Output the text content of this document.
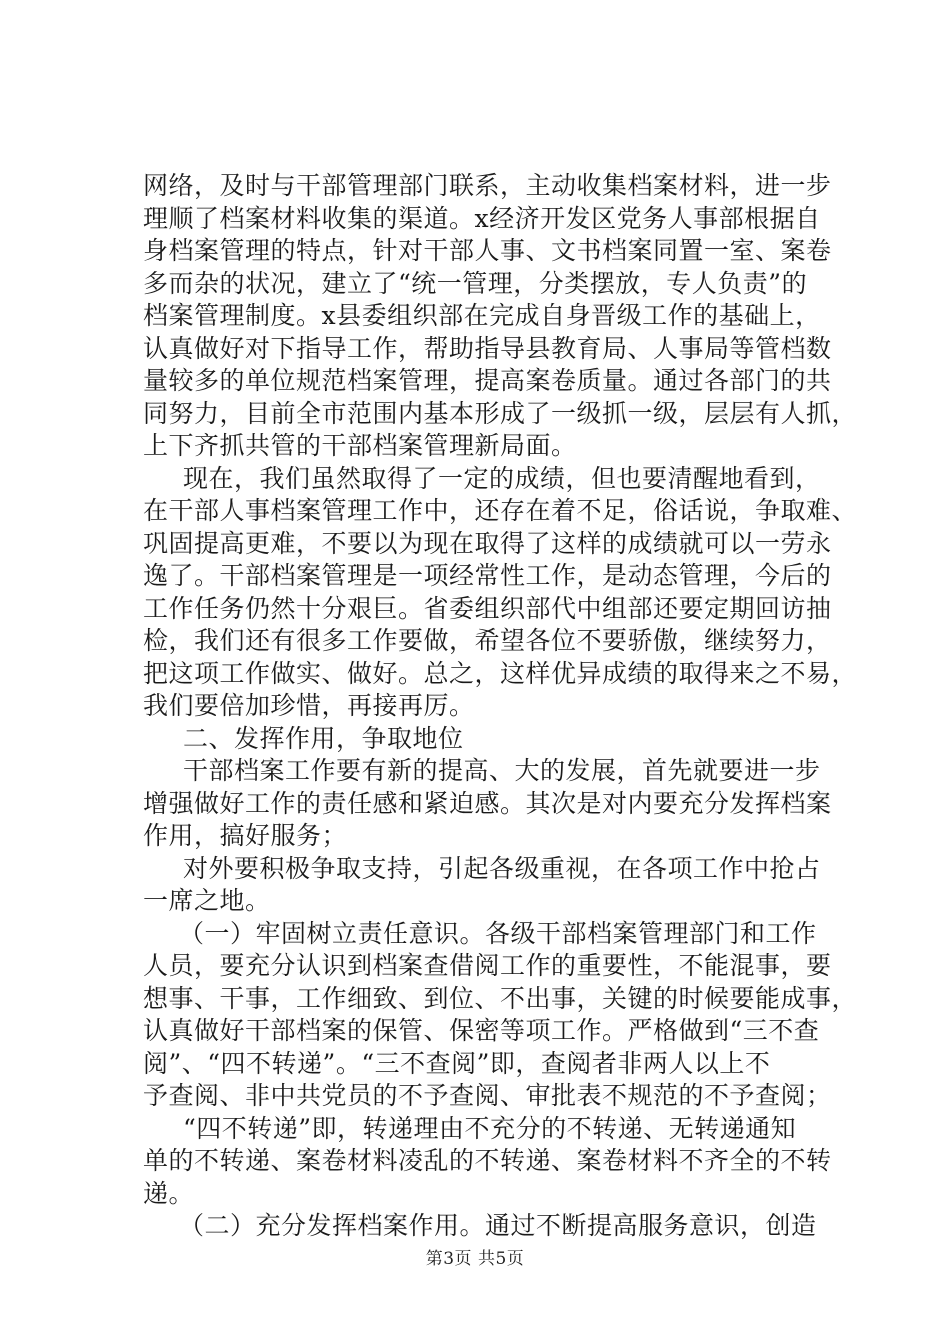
网络，及时与干部管理部门联系，主动收集档案材料，进一步
理顺了档案材料收集的渠道。x经济开发区党务人事部根据自
身档案管理的特点，针对干部人事、文书档案同置一室、案卷
多而杂的状况，建立了“统一管理，分类摆放，专人负责”的
档案管理制度。x县委组织部在完成自身晋级工作的基础上，
认真做好对下指导工作，帮助指导县教育局、人事局等管档数
量较多的单位规范档案管理，提高案卷质量。通过各部门的共
同努力，目前全市范围内基本形成了一级抓一级，层层有人抓，
上下齐抓共管的干部档案管理新局面。
现在，我们虽然取得了一定的成绩，但也要清醒地看到，
在干部人事档案管理工作中，还存在着不足，俗话说，争取难、
巩固提高更难，不要以为现在取得了这样的成绩就可以一劳永
逸了。干部档案管理是一项经常性工作，是动态管理，今后的
工作任务仍然十分艰巨。省委组织部代中组部还要定期回访抽
检，我们还有很多工作要做，希望各位不要骄傲，继续努力，
把这项工作做实、做好。总之，这样优异成绩的取得来之不易，
我们要倍加珍惜，再接再厉。
二、发挥作用，争取地位
干部档案工作要有新的提高、大的发展，首先就要进一步
增强做好工作的责任感和紧迫感。其次是对内要充分发挥档案
作用，搞好服务；
对外要积极争取支持，引起各级重视，在各项工作中抢占
一席之地。
（一）牢固树立责任意识。各级干部档案管理部门和工作
人员，要充分认识到档案查借阅工作的重要性，不能混事，要
想事、干事，工作细致、到位、不出事，关键的时候要能成事，
认真做好干部档案的保管、保密等项工作。严格做到“三不查
阅”、“四不转递”。“三不查阅”即，查阅者非两人以上不
予查阅、非中共党员的不予查阅、审批表不规范的不予查阅；
“四不转递”即，转递理由不充分的不转递、无转递通知
单的不转递、案卷材料凌乱的不转递、案卷材料不齐全的不转
递。
（二）充分发挥档案作用。通过不断提高服务意识，创造
第3页 共5页
